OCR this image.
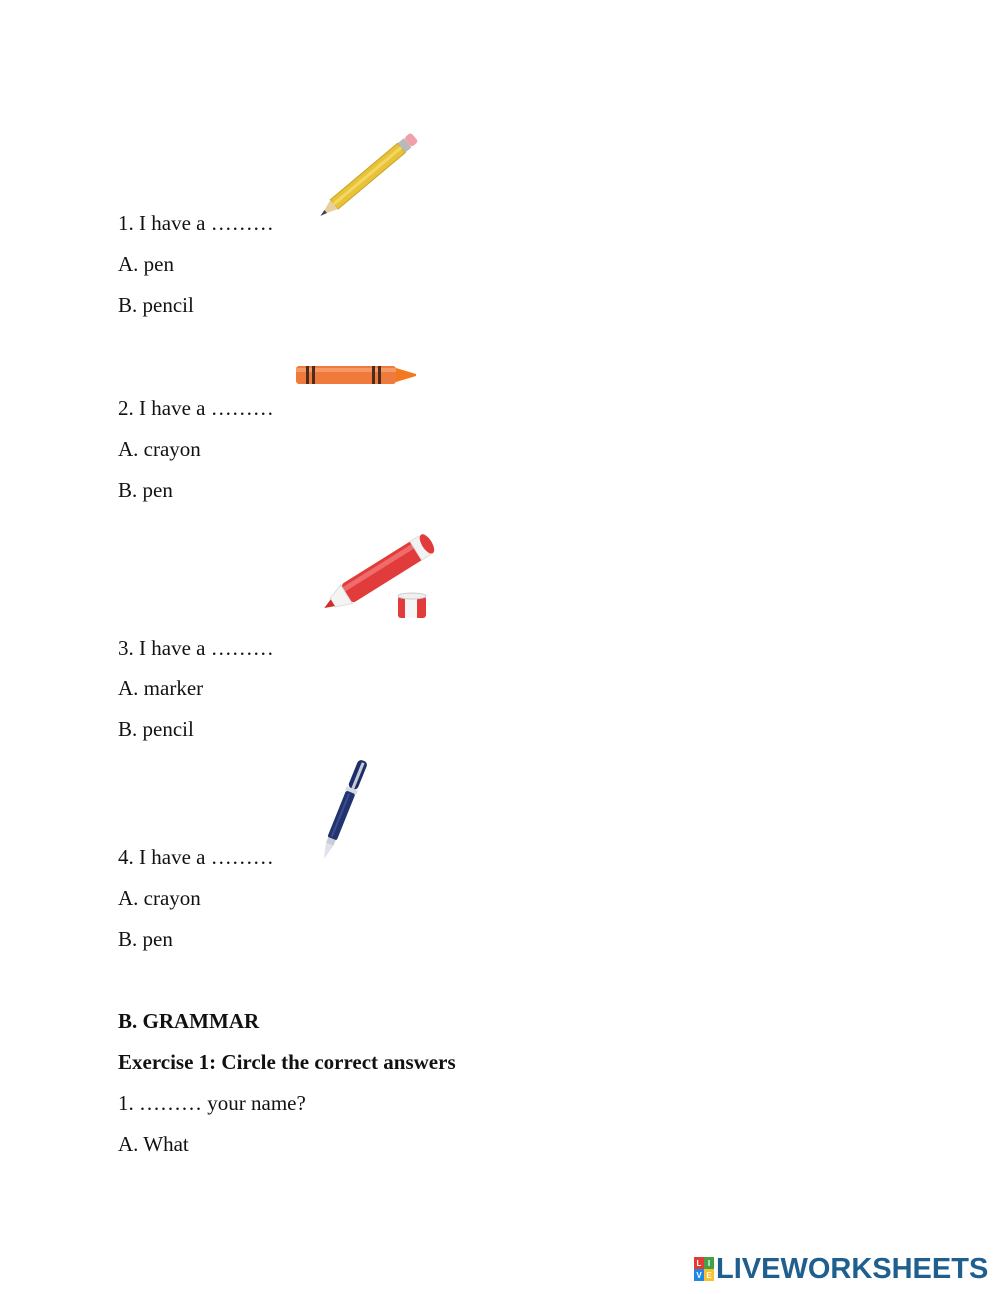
1. I have a ………
A. pen
B. pencil
2. I have a ………
A. crayon
B. pen
3. I have a ………
A. marker
B. pencil
4. I have a ………
A. crayon
B. pen
B. GRAMMAR
Exercise 1: Circle the correct answers
1. ……… your name?
A. What
L I
V E LIVEWORKSHEETS
